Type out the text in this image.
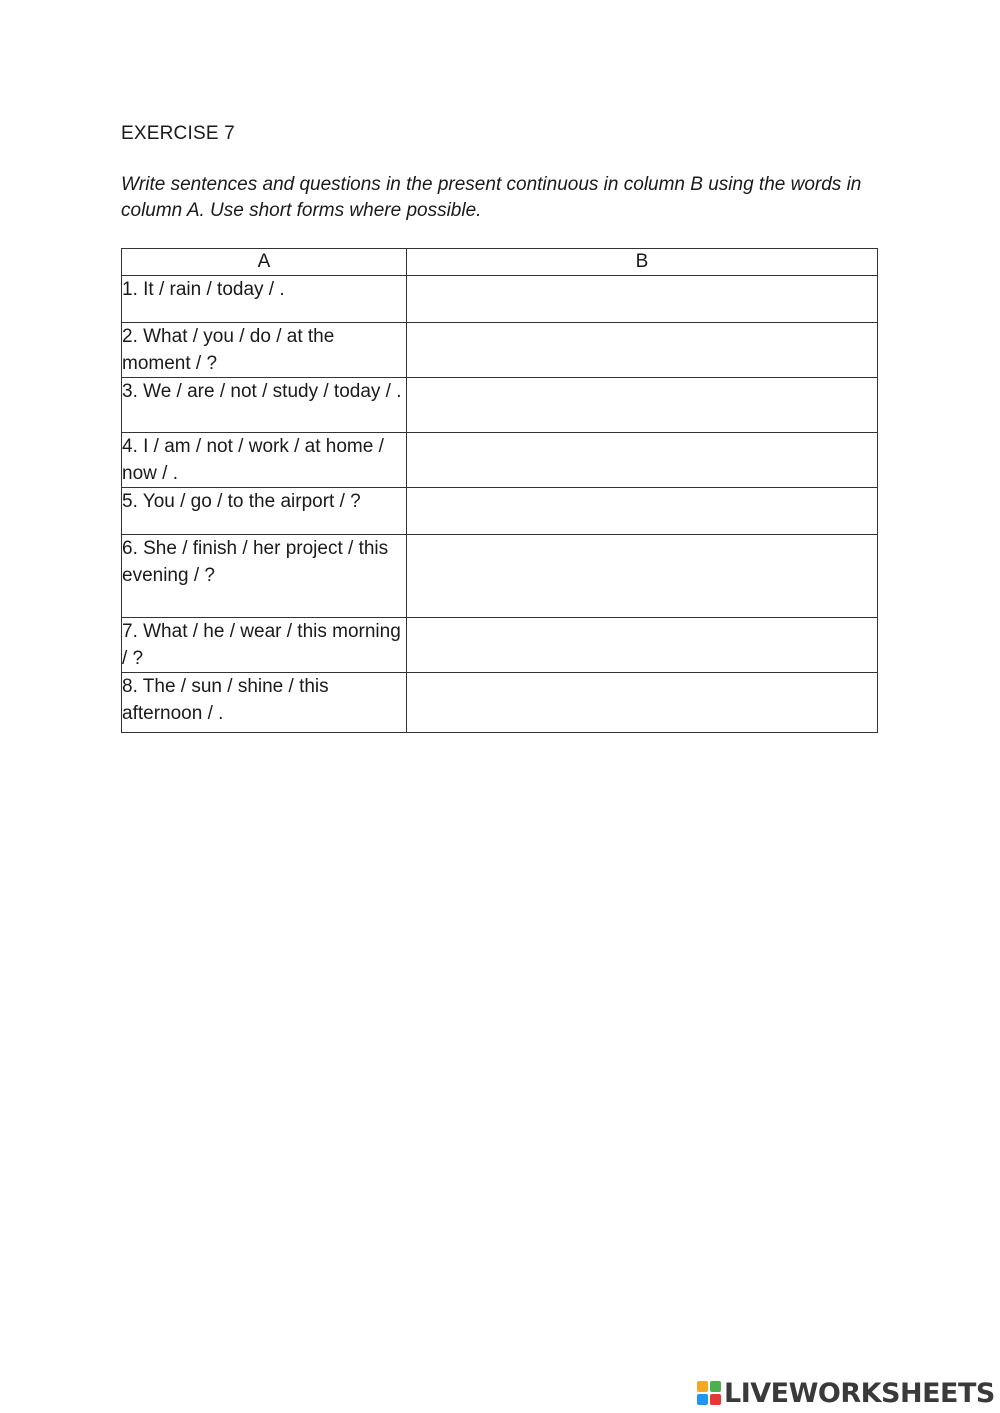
EXERCISE 7
Write sentences and questions in the present continuous in column B using the words in column A. Use short forms where possible.
A	B
1. It / rain / today / .	
2. What / you / do / at the moment / ?	
3. We / are / not / study / today / .	
4. I / am / not / work / at home / now / .	
5. You / go / to the airport / ?	
6. She / finish / her project / this evening / ?	
7. What / he / wear / this morning / ?	
8. The / sun / shine / this afternoon / .	
LIVEWORKSHEETS
